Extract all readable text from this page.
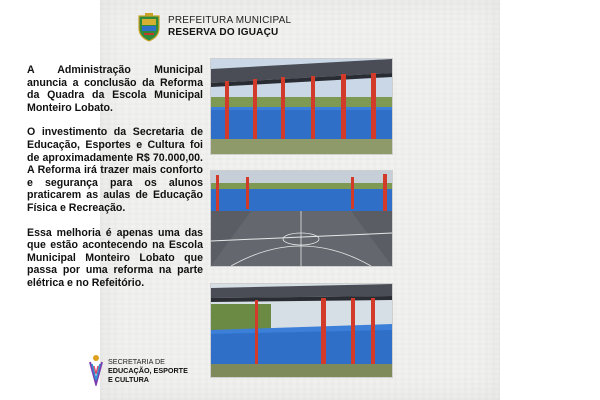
PREFEITURA MUNICIPAL
RESERVA DO IGUAÇU

A Administração Municipal anuncia a conclusão da Reforma da Quadra da Escola Municipal Monteiro Lobato.

O investimento da Secretaria de Educação, Esportes e Cultura foi de aproximadamente R$ 70.000,00. A Reforma irá trazer mais conforto e segurança para os alunos praticarem as aulas de Educação Física e Recreação.

Essa melhoria é apenas uma das que estão acontecendo na Escola Municipal Monteiro Lobato que passa por uma reforma na parte elétrica e no Refeitório.

SECRETARIA DE
EDUCAÇÃO, ESPORTE
E CULTURA
